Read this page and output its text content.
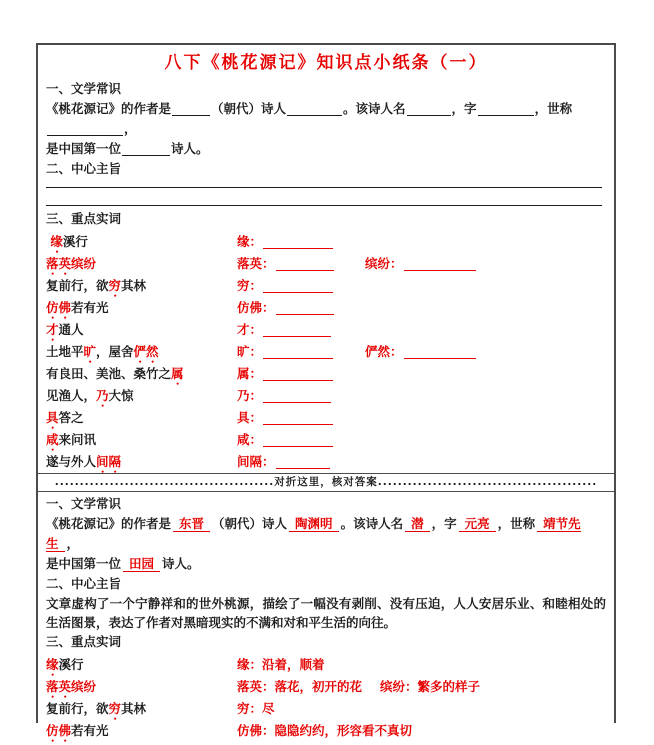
八下《桃花源记》知识点小纸条（一）
一、文学常识
《桃花源记》的作者是	（朝代）诗人	。该诗人名	，字	，世称，
是中国第一位	诗人。
二、中心主旨
三、重点实词
缘溪行	缘：
落英缤纷	落英：	缤纷：
复前行，欲穷其林	穷：
仿佛若有光	仿佛：
才通人	才：
土地平旷，屋舍俨然	旷：	俨然：
有良田、美池、桑竹之属	属：
见渔人，乃大惊	乃：
具答之	具：
咸来问讯	咸：
遂与外人间隔	间隔：
............................................对折这里，核对答案............................................
一、文学常识
《桃花源记》的作者是 东晋 （朝代）诗人 陶渊明 。该诗人名 潜 ，字 元亮 ，世称 靖节先生 ，
是中国第一位 田园 诗人。
二、中心主旨
文章虚构了一个宁静祥和的世外桃源，描绘了一幅没有剥削、没有压迫，人人安居乐业、和睦相处的生活图景，表达了作者对黑暗现实的不满和对和平生活的向往。
三、重点实词
缘溪行	缘：沿着，顺着
落英缤纷	落英：落花，初开的花	缤纷：繁多的样子
复前行，欲穷其林	穷：尽
仿佛若有光	仿佛：隐隐约约，形容看不真切
